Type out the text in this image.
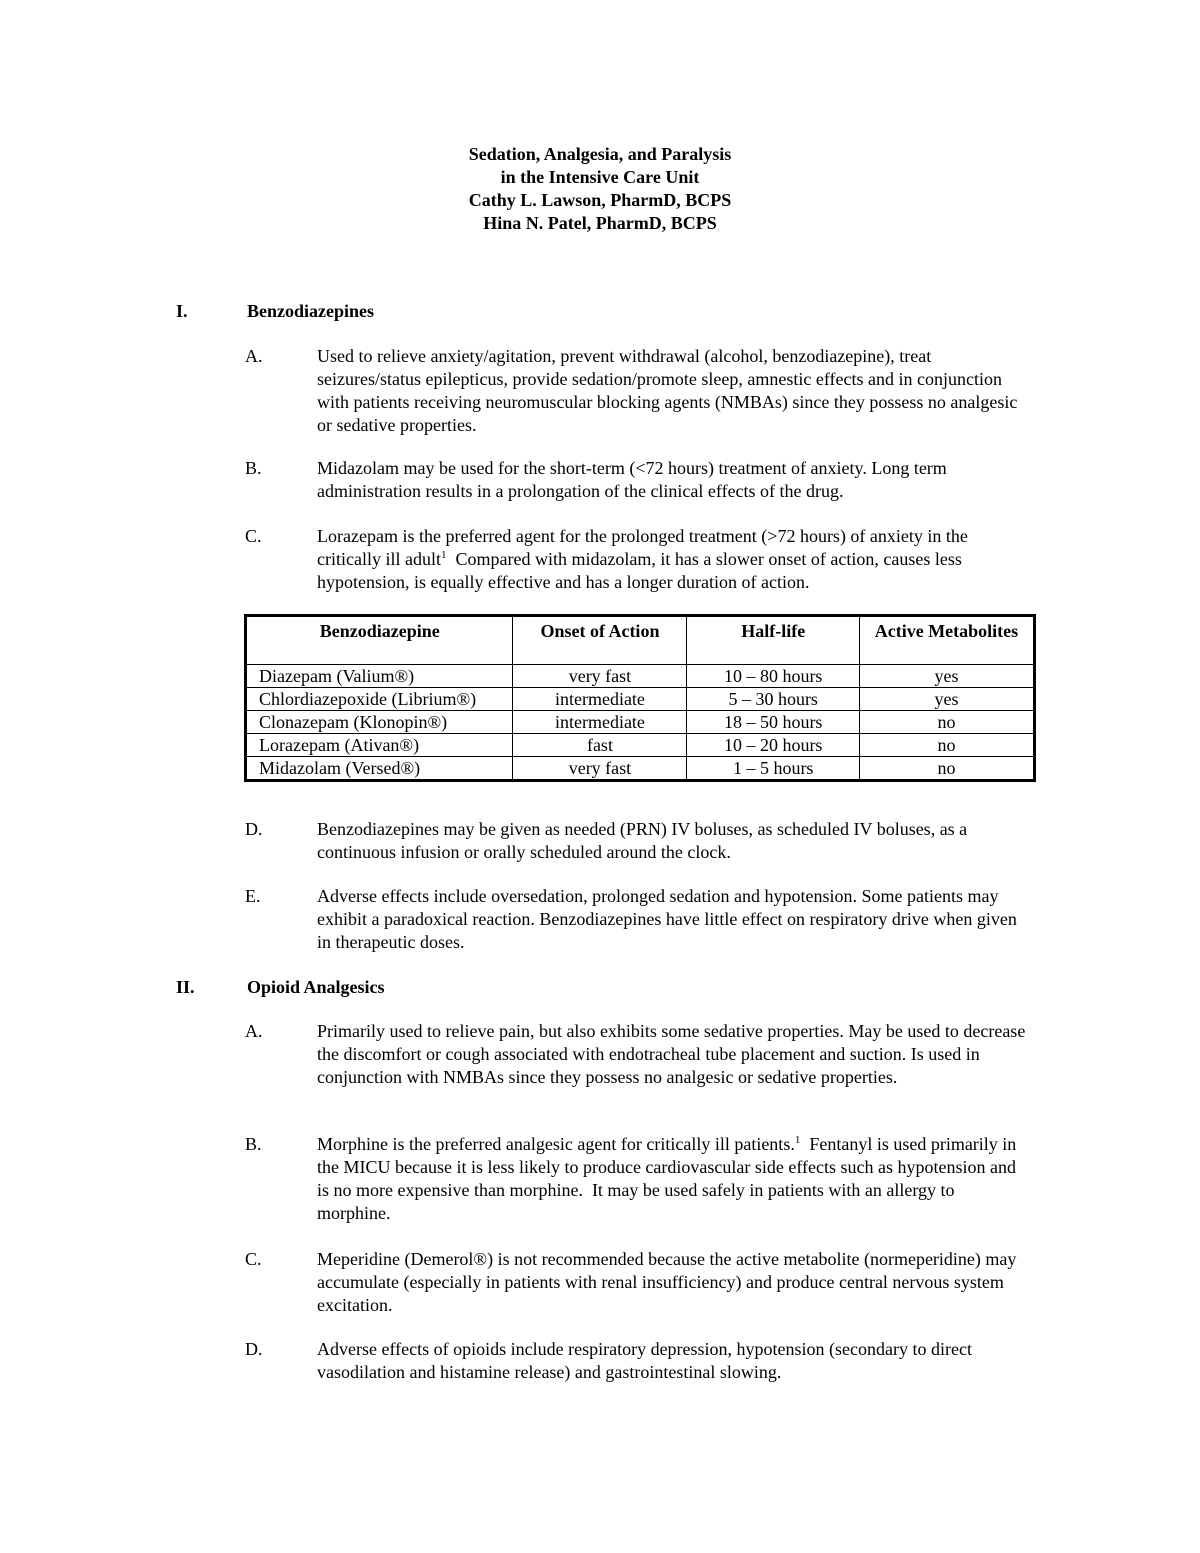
Sedation, Analgesia, and Paralysis
in the Intensive Care Unit
Cathy L. Lawson, PharmD, BCPS
Hina N. Patel, PharmD, BCPS
I.	Benzodiazepines
A.	Used to relieve anxiety/agitation, prevent withdrawal (alcohol, benzodiazepine), treat seizures/status epilepticus, provide sedation/promote sleep, amnestic effects and in conjunction with patients receiving neuromuscular blocking agents (NMBAs) since they possess no analgesic or sedative properties.
B.	Midazolam may be used for the short-term (<72 hours) treatment of anxiety. Long term administration results in a prolongation of the clinical effects of the drug.
C.	Lorazepam is the preferred agent for the prolonged treatment (>72 hours) of anxiety in the critically ill adult$^1$  Compared with midazolam, it has a slower onset of action, causes less hypotension, is equally effective and has a longer duration of action.
Benzodiazepine	Onset of Action	Half-life	Active Metabolites
Diazepam (Valium®)	very fast	10 – 80 hours	yes
Chlordiazepoxide (Librium®)	intermediate	5 – 30 hours	yes
Clonazepam (Klonopin®)	intermediate	18 – 50 hours	no
Lorazepam (Ativan®)	fast	10 – 20 hours	no
Midazolam (Versed®)	very fast	1 – 5 hours	no
D.	Benzodiazepines may be given as needed (PRN) IV boluses, as scheduled IV boluses, as a continuous infusion or orally scheduled around the clock.
E.	Adverse effects include oversedation, prolonged sedation and hypotension. Some patients may exhibit a paradoxical reaction. Benzodiazepines have little effect on respiratory drive when given in therapeutic doses.
II.	Opioid Analgesics
A.	Primarily used to relieve pain, but also exhibits some sedative properties. May be used to decrease the discomfort or cough associated with endotracheal tube placement and suction. Is used in conjunction with NMBAs since they possess no analgesic or sedative properties.
B.	Morphine is the preferred analgesic agent for critically ill patients.$^1$  Fentanyl is used primarily in the MICU because it is less likely to produce cardiovascular side effects such as hypotension and is no more expensive than morphine.  It may be used safely in patients with an allergy to morphine.
C.	Meperidine (Demerol®) is not recommended because the active metabolite (normeperidine) may accumulate (especially in patients with renal insufficiency) and produce central nervous system excitation.
D.	Adverse effects of opioids include respiratory depression, hypotension (secondary to direct vasodilation and histamine release) and gastrointestinal slowing.
